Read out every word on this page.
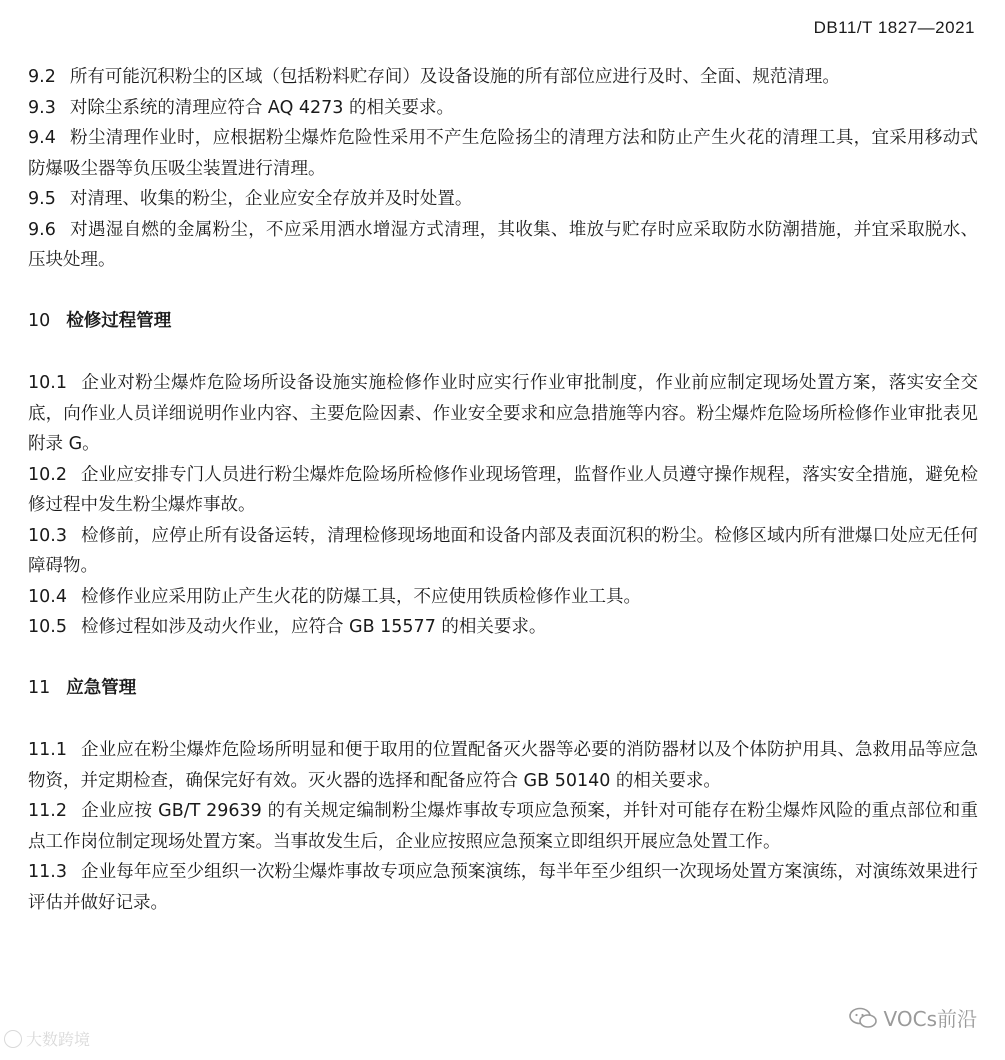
DB11/T 1827—2021

9.2 所有可能沉积粉尘的区域（包括粉料贮存间）及设备设施的所有部位应进行及时、全面、规范清理。

9.3 对除尘系统的清理应符合 AQ 4273 的相关要求。

9.4 粉尘清理作业时，应根据粉尘爆炸危险性采用不产生危险扬尘的清理方法和防止产生火花的清理工具，宜采用移动式防爆吸尘器等负压吸尘装置进行清理。

9.5 对清理、收集的粉尘，企业应安全存放并及时处置。

9.6 对遇湿自燃的金属粉尘，不应采用洒水增湿方式清理，其收集、堆放与贮存时应采取防水防潮措施，并宜采取脱水、压块处理。

10 检修过程管理

10.1 企业对粉尘爆炸危险场所设备设施实施检修作业时应实行作业审批制度，作业前应制定现场处置方案，落实安全交底，向作业人员详细说明作业内容、主要危险因素、作业安全要求和应急措施等内容。粉尘爆炸危险场所检修作业审批表见附录 G。

10.2 企业应安排专门人员进行粉尘爆炸危险场所检修作业现场管理，监督作业人员遵守操作规程，落实安全措施，避免检修过程中发生粉尘爆炸事故。

10.3 检修前，应停止所有设备运转，清理检修现场地面和设备内部及表面沉积的粉尘。检修区域内所有泄爆口处应无任何障碍物。

10.4 检修作业应采用防止产生火花的防爆工具，不应使用铁质检修作业工具。

10.5 检修过程如涉及动火作业，应符合 GB 15577 的相关要求。

11 应急管理

11.1 企业应在粉尘爆炸危险场所明显和便于取用的位置配备灭火器等必要的消防器材以及个体防护用具、急救用品等应急物资，并定期检查，确保完好有效。灭火器的选择和配备应符合 GB 50140 的相关要求。

11.2 企业应按 GB/T 29639 的有关规定编制粉尘爆炸事故专项应急预案，并针对可能存在粉尘爆炸风险的重点部位和重点工作岗位制定现场处置方案。当事故发生后，企业应按照应急预案立即组织开展应急处置工作。

11.3 企业每年应至少组织一次粉尘爆炸事故专项应急预案演练，每半年至少组织一次现场处置方案演练，对演练效果进行评估并做好记录。

大数跨境
VOCs前沿
